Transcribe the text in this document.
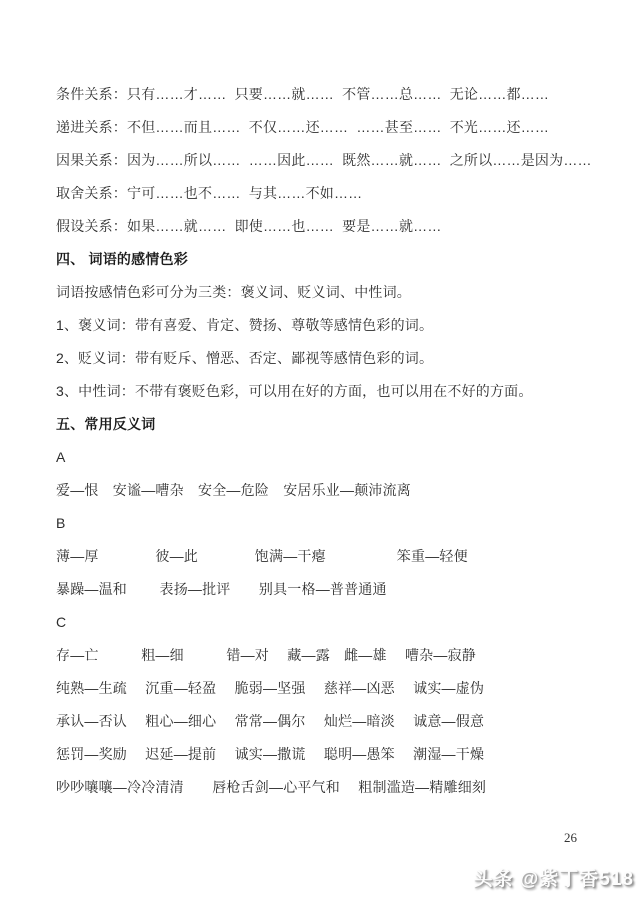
条件关系：只有……才……  只要……就……  不管……总……  无论……都……

递进关系：不但……而且……  不仅……还……  ……甚至……  不光……还……

因果关系：因为……所以……  ……因此……  既然……就……  之所以……是因为……

取舍关系：宁可……也不……  与其……不如……

假设关系：如果……就……  即使……也……  要是……就……

四、 词语的感情色彩

词语按感情色彩可分为三类：褒义词、贬义词、中性词。

1、褒义词：带有喜爱、肯定、赞扬、尊敬等感情色彩的词。

2、贬义词：带有贬斥、憎恶、否定、鄙视等感情色彩的词。

3、中性词：不带有褒贬色彩，可以用在好的方面，也可以用在不好的方面。

五、常用反义词

A

爱—恨　安谧—嘈杂　安全—危险　安居乐业—颠沛流离

B

薄—厚　　　　彼—此　　　　饱满—干瘪　　　　　笨重—轻便

暴躁—温和　　 表扬—批评　　别具一格—普普通通

C

存—亡　　　粗—细　　　错—对　 藏—露　雌—雄　 嘈杂—寂静

纯熟—生疏　 沉重—轻盈　 脆弱—坚强　 慈祥—凶恶　 诚实—虚伪

承认—否认　 粗心—细心　 常常—偶尔　 灿烂—暗淡　 诚意—假意

惩罚—奖励　 迟延—提前　 诚实—撒谎　 聪明—愚笨　 潮湿—干燥

吵吵嚷嚷—冷冷清清　　唇枪舌剑—心平气和　 粗制滥造—精雕细刻

26
头条 @紫丁香518
